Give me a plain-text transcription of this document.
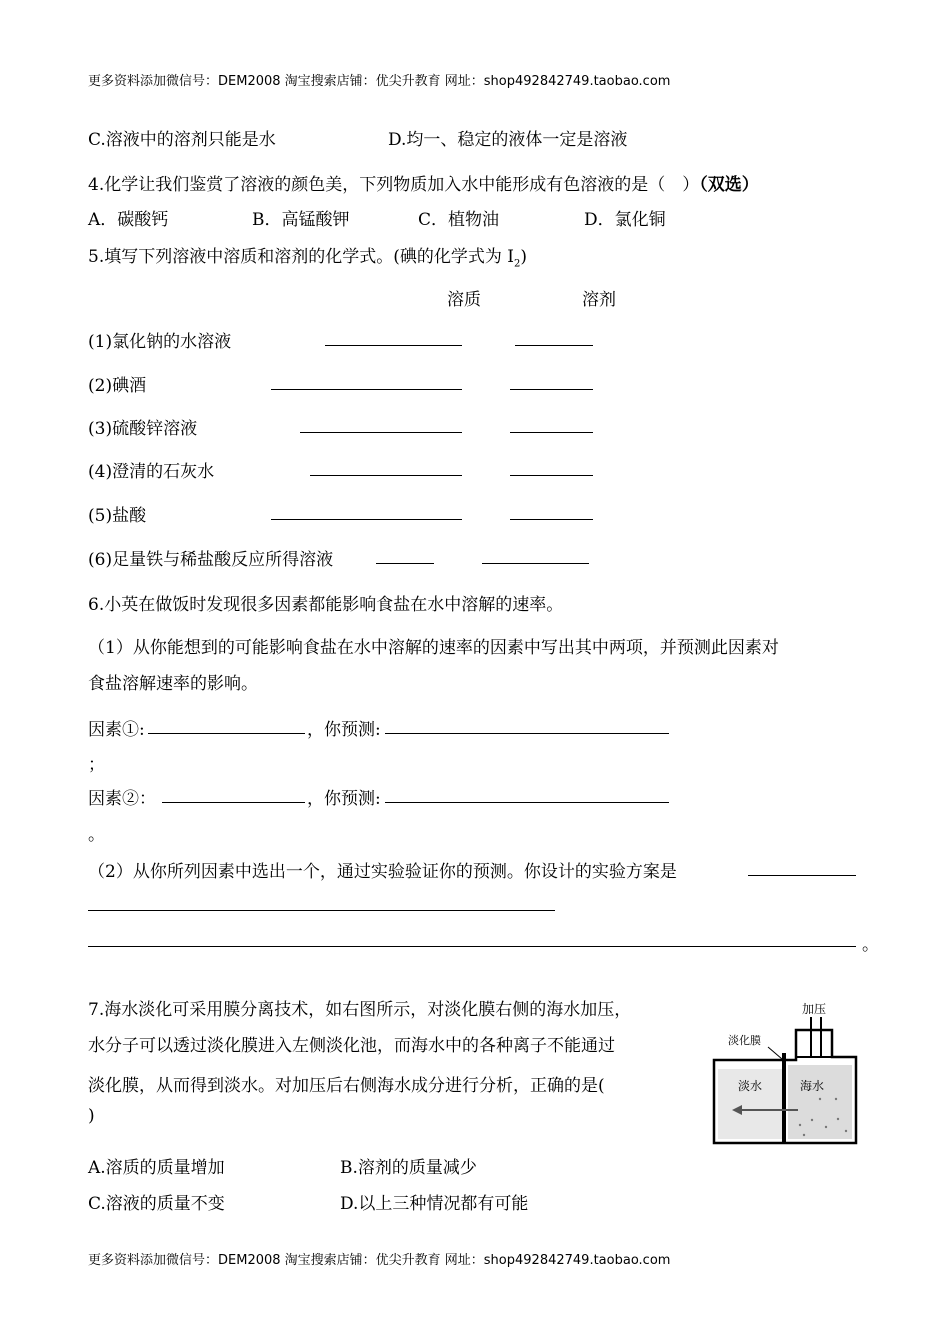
更多资料添加微信号：DEM2008 淘宝搜索店铺：优尖升教育 网址：shop492842749.taobao.com
C.溶液中的溶剂只能是水	D.均一、稳定的液体一定是溶液
4.化学让我们鉴赏了溶液的颜色美，下列物质加入水中能形成有色溶液的是（　）（双选）
A．碳酸钙	B．高锰酸钾	C．植物油	D．氯化铜
5.填写下列溶液中溶质和溶剂的化学式。(碘的化学式为 $I_2$)
溶质	溶剂
(1)氯化钠的水溶液
(2)碘酒
(3)硫酸锌溶液
(4)澄清的石灰水
(5)盐酸
(6)足量铁与稀盐酸反应所得溶液
6.小英在做饭时发现很多因素都能影响食盐在水中溶解的速率。
（1）从你能想到的可能影响食盐在水中溶解的速率的因素中写出其中两项，并预测此因素对
食盐溶解速率的影响。
因素①:	，你预测:
；
因素②：	，你预测:
。
（2）从你所列因素中选出一个，通过实验验证你的预测。你设计的实验方案是
。
7.海水淡化可采用膜分离技术，如右图所示，对淡化膜右侧的海水加压，
水分子可以透过淡化膜进入左侧淡化池，而海水中的各种离子不能通过
淡化膜，从而得到淡水。对加压后右侧海水成分进行分析，正确的是(
)
A.溶质的质量增加	B.溶剂的质量减少
C.溶液的质量不变	D.以上三种情况都有可能
加压
淡化膜
淡水	海水
更多资料添加微信号：DEM2008 淘宝搜索店铺：优尖升教育 网址：shop492842749.taobao.com
